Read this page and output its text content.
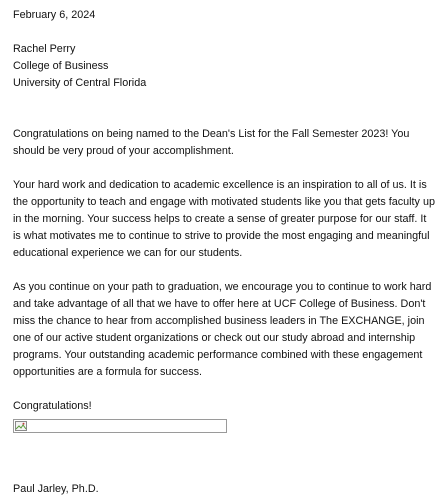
February 6, 2024

Rachel Perry

College of Business

University of Central Florida

Congratulations on being named to the Dean's List for the Fall Semester 2023! You should be very proud of your accomplishment.

Your hard work and dedication to academic excellence is an inspiration to all of us. It is the opportunity to teach and engage with motivated students like you that gets faculty up in the morning. Your success helps to create a sense of greater purpose for our staff. It is what motivates me to continue to strive to provide the most engaging and meaningful educational experience we can for our students.

As you continue on your path to graduation, we encourage you to continue to work hard and take advantage of all that we have to offer here at UCF College of Business. Don't miss the chance to hear from accomplished business leaders in The EXCHANGE, join one of our active student organizations or check out our study abroad and internship programs. Your outstanding academic performance combined with these engagement opportunities are a formula for success.

Congratulations!

Paul Jarley, Ph.D.
